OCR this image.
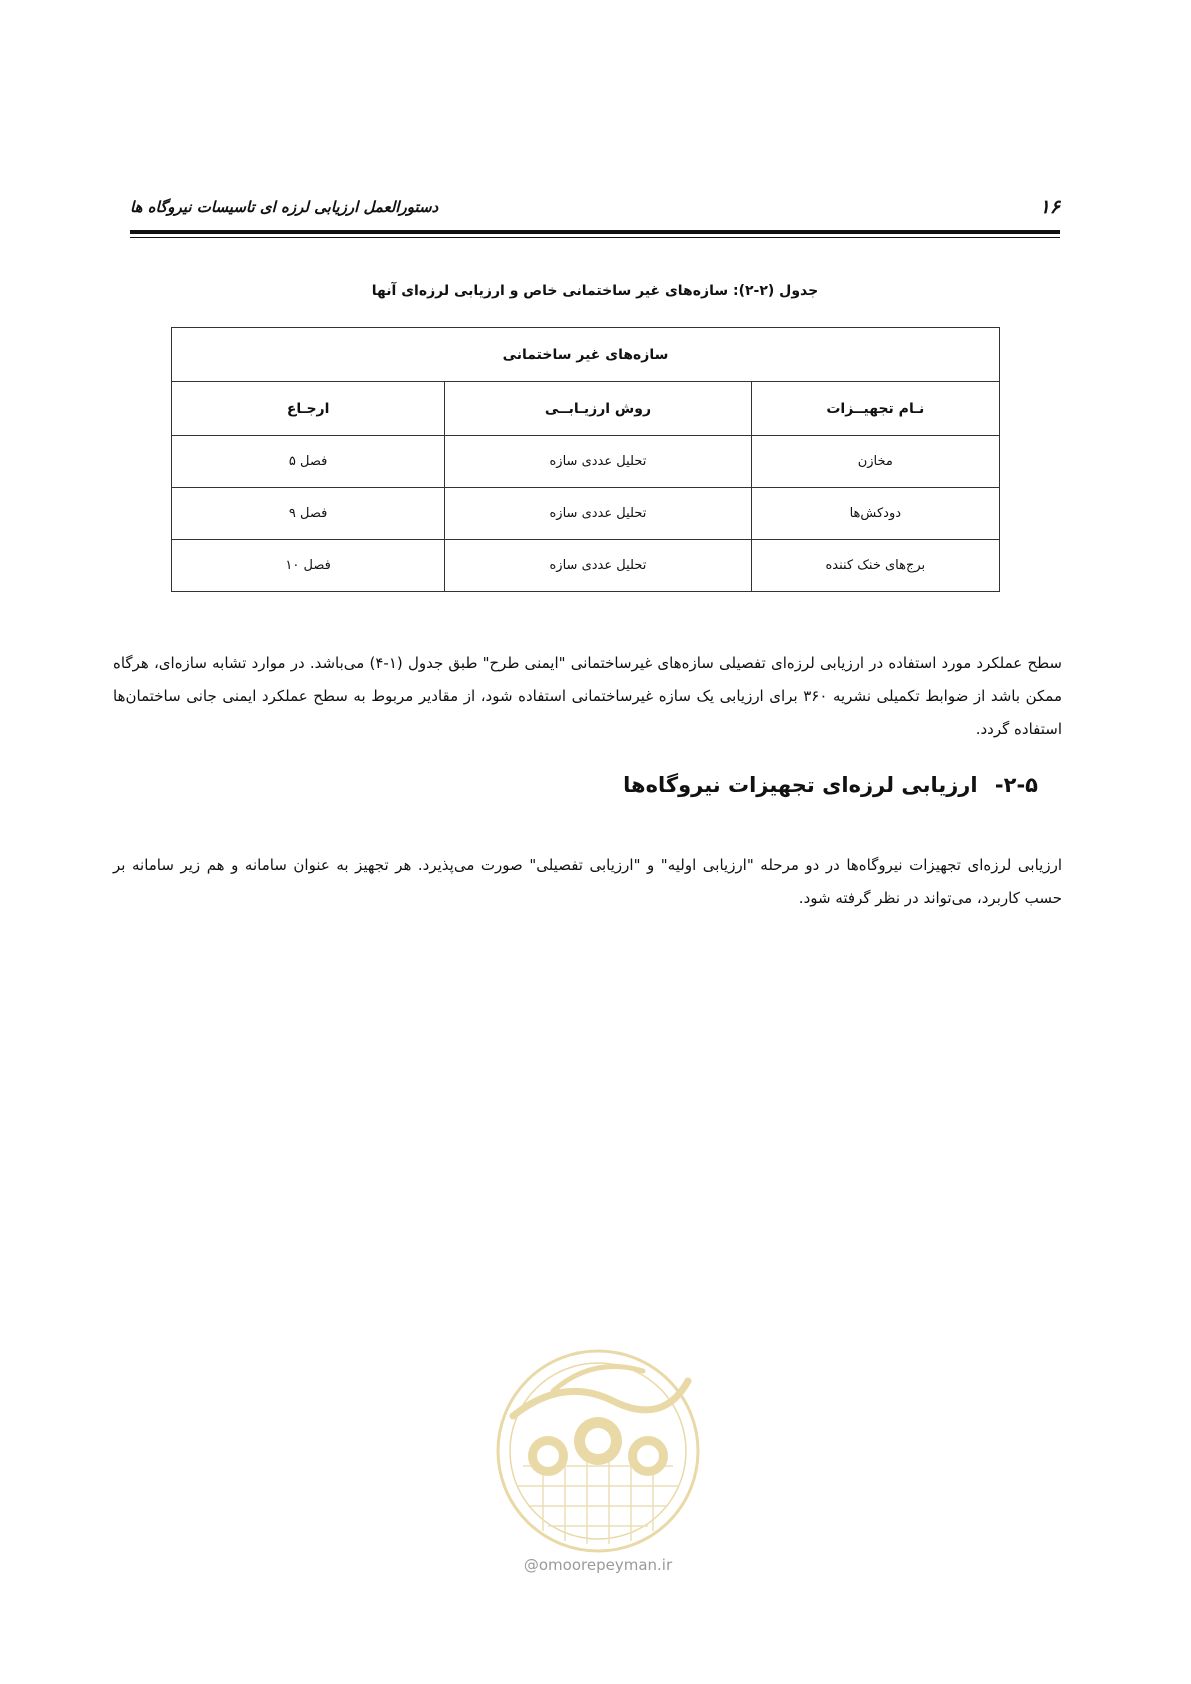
۱۶
دستورالعمل ارزیابی لرزه ای تاسیسات نیروگاه ها
جدول (۲-۲): سازه‌های غیر ساختمانی خاص و ارزیابی لرزه‌ای آنها
سازه‌های غیر ساختمانی		
نـام تجهیــزات	روش ارزیـابــی	ارجـاع
مخازن	تحلیل عددی سازه	فصل ۵
دودکش‌ها	تحلیل عددی سازه	فصل ۹
برج‌های خنک کننده	تحلیل عددی سازه	فصل ۱۰

سطح عملکرد مورد استفاده در ارزیابی لرزه‌ای تفصیلی سازه‌های غیرساختمانی "ایمنی طرح" طبق جدول (۱-۴) می‌باشد. در موارد تشابه سازه‌ای، هرگاه ممکن باشد از ضوابط تکمیلی نشریه ۳۶۰ برای ارزیابی یک سازه غیرساختمانی استفاده شود، از مقادیر مربوط به سطح عملکرد ایمنی جانی ساختمان‌ها استفاده گردد.

۲-۵- ارزیابی لرزه‌ای تجهیزات نیروگاه‌ها

ارزیابی لرزه‌ای تجهیزات نیروگاه‌ها در دو مرحله "ارزیابی اولیه" و "ارزیابی تفصیلی" صورت می‌پذیرد. هر تجهیز به عنوان سامانه و هم زیر سامانه بر حسب کاربرد، می‌تواند در نظر گرفته شود.

@omoorepeyman.ir
